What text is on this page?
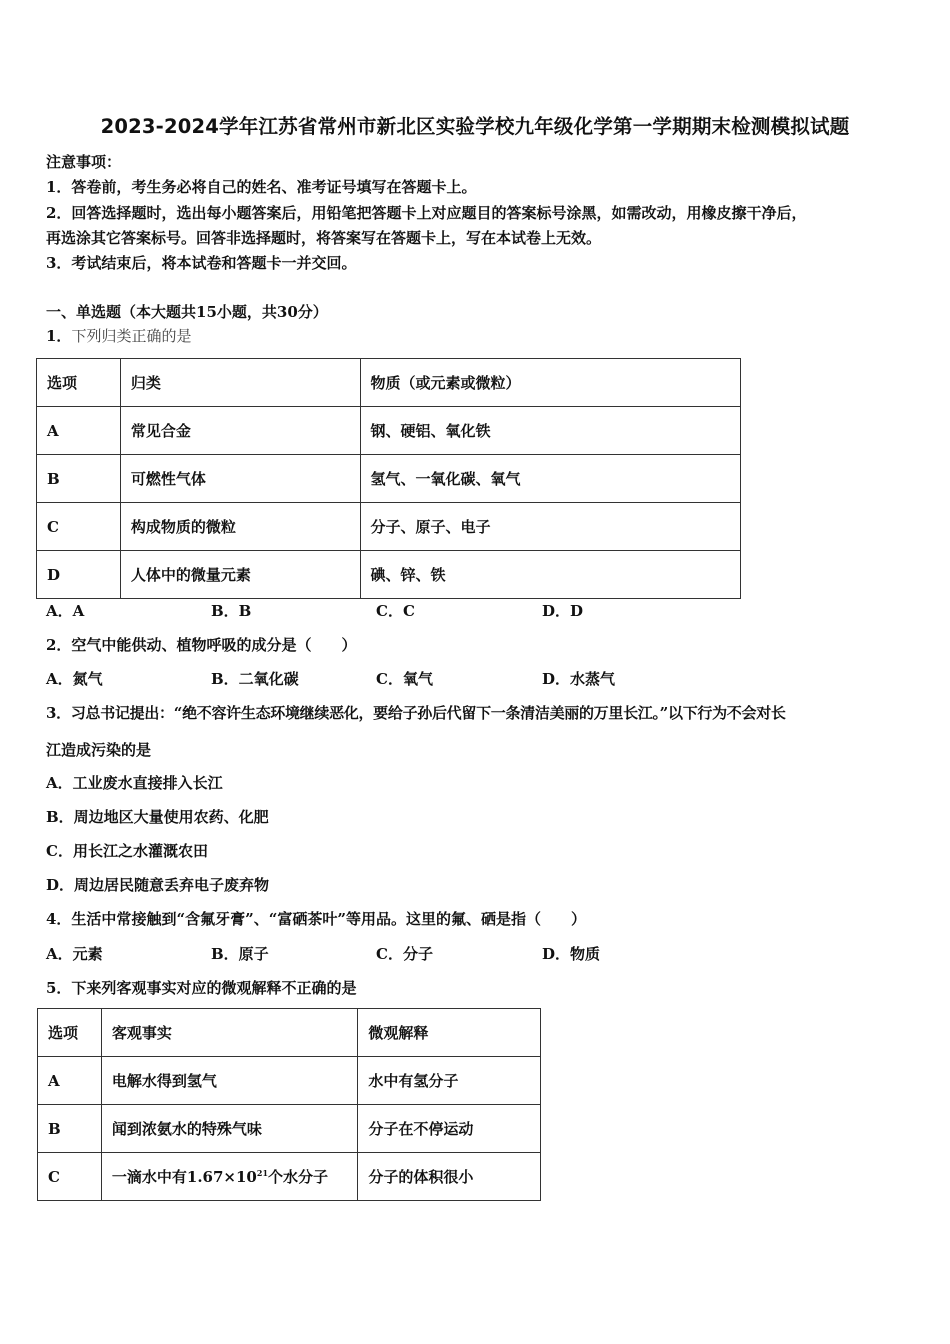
2023-2024学年江苏省常州市新北区实验学校九年级化学第一学期期末检测模拟试题
注意事项：
1．答卷前，考生务必将自己的姓名、准考证号填写在答题卡上。
2．回答选择题时，选出每小题答案后，用铅笔把答题卡上对应题目的答案标号涂黑，如需改动，用橡皮擦干净后，
再选涂其它答案标号。回答非选择题时，将答案写在答题卡上，写在本试卷上无效。
3．考试结束后，将本试卷和答题卡一并交回。
一、单选题（本大题共15小题，共30分）
1．下列归类正确的是
选项	归类	物质（或元素或微粒）
A	常见合金	钢、硬铝、氧化铁
B	可燃性气体	氢气、一氧化碳、氧气
C	构成物质的微粒	分子、原子、电子
D	人体中的微量元素	碘、锌、铁
A．A	B．B	C．C	D．D
2．空气中能供动、植物呼吸的成分是（　　）
A．氮气	B．二氧化碳	C．氧气	D．水蒸气
3．习总书记提出：“绝不容许生态环境继续恶化，要给子孙后代留下一条清洁美丽的万里长江。”以下行为不会对长
江造成污染的是
A．工业废水直接排入长江
B．周边地区大量使用农药、化肥
C．用长江之水灌溉农田
D．周边居民随意丢弃电子废弃物
4．生活中常接触到“含氟牙膏”、“富硒茶叶”等用品。这里的氟、硒是指（　　）
A．元素	B．原子	C．分子	D．物质
5．下来列客观事实对应的微观解释不正确的是
选项	客观事实	微观解释
A	电解水得到氢气	水中有氢分子
B	闻到浓氨水的特殊气味	分子在不停运动
C	一滴水中有$1.67\times 10^{21}$个水分子	分子的体积很小
